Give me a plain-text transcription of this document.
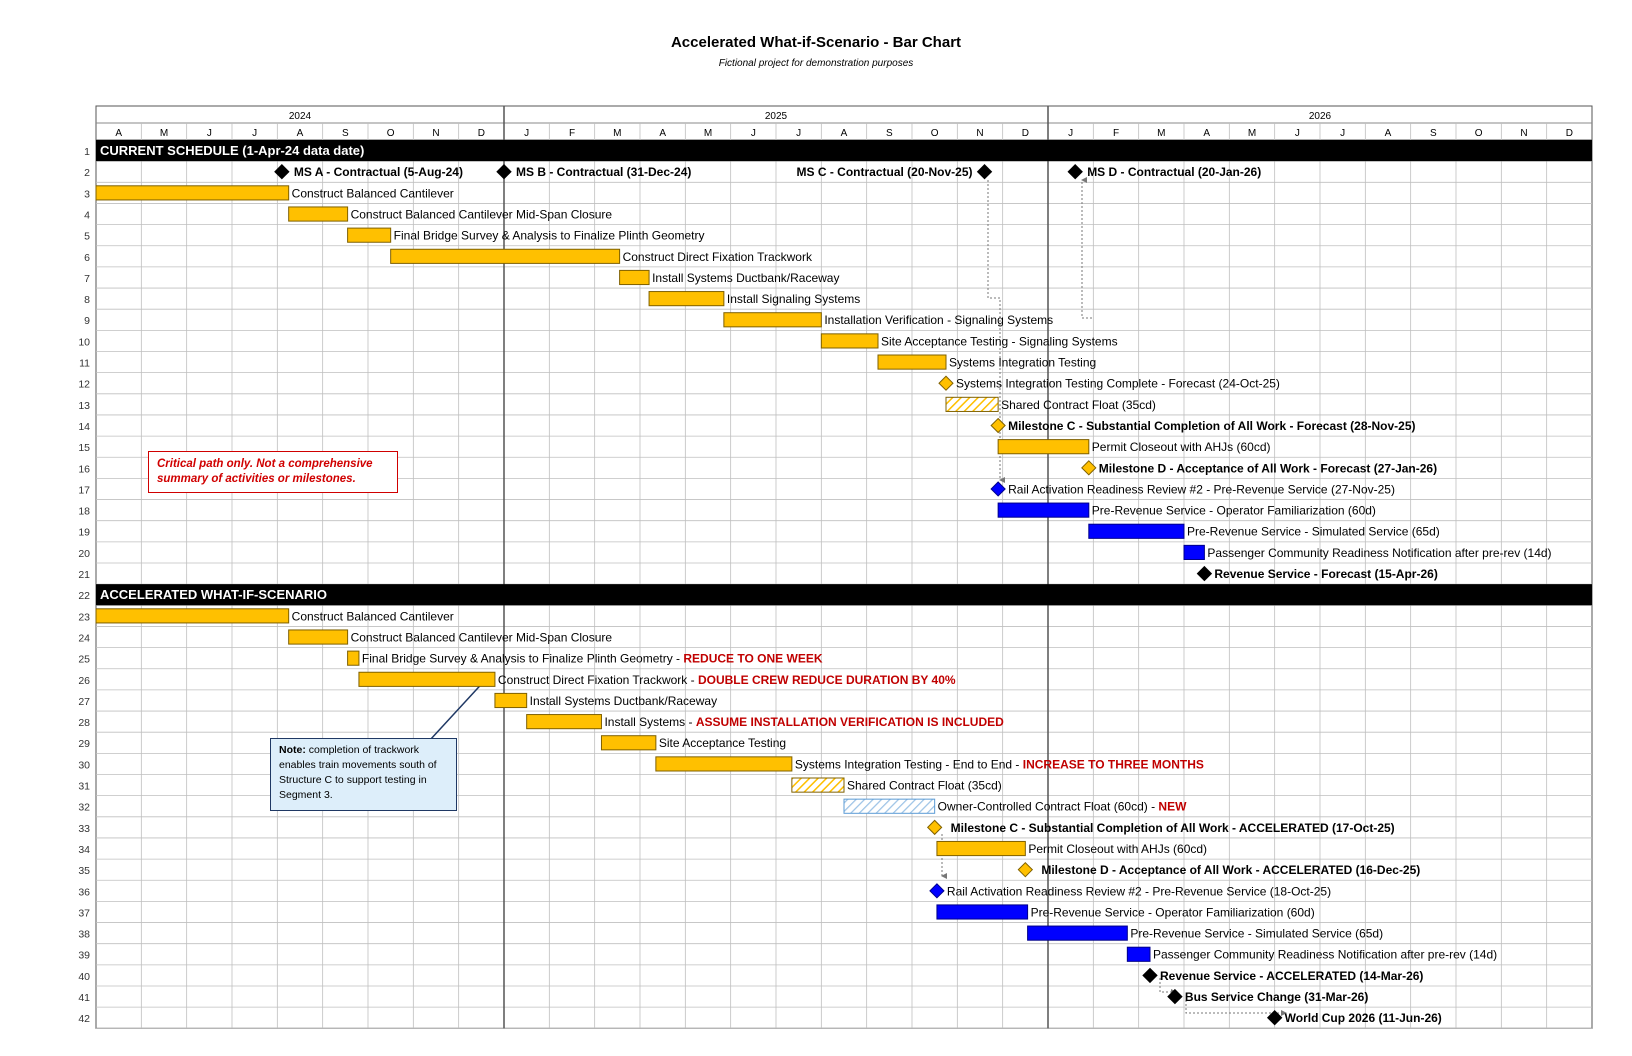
Accelerated What-if-Scenario - Bar Chart
Fictional project for demonstration purposes
A	M	J	J	A	S	O	N	D	J	F	M	A	M	J	J	A	S	O	N	D	J	F	M	A	M	J	J	A	S	O	N	D
2024	2025	2026
1
2
3
4
5
6
7
8
9
10
11
12
13
14
15
16
17
18
19
20
21
22
23
24
25
26
27
28
29
30
31
32
33
34
35
36
37
38
39
40
41
42
CURRENT SCHEDULE (1-Apr-24 data date)
MS A - Contractual (5-Aug-24)	MS B - Contractual (31-Dec-24)	MS C - Contractual (20-Nov-25)	MS D - Contractual (20-Jan-26)
Construct Balanced Cantilever
Construct Balanced Cantilever Mid-Span Closure
Final Bridge Survey & Analysis to Finalize Plinth Geometry
Construct Direct Fixation Trackwork
Install Systems Ductbank/Raceway
Install Signaling Systems
Installation Verification - Signaling Systems
Site Acceptance Testing - Signaling Systems
Systems Integration Testing
Systems Integration Testing Complete - Forecast (24-Oct-25)
Shared Contract Float (35cd)
Milestone C - Substantial Completion of All Work - Forecast (28-Nov-25)
Permit Closeout with AHJs (60cd)
Milestone D - Acceptance of All Work - Forecast (27-Jan-26)
Rail Activation Readiness Review #2 - Pre-Revenue Service (27-Nov-25)
Pre-Revenue Service - Operator Familiarization (60d)
Pre-Revenue Service - Simulated Service (65d)
Passenger Community Readiness Notification after pre-rev (14d)
Revenue Service - Forecast (15-Apr-26)
ACCELERATED WHAT-IF-SCENARIO
Construct Balanced Cantilever
Construct Balanced Cantilever Mid-Span Closure
Final Bridge Survey & Analysis to Finalize Plinth Geometry - REDUCE TO ONE WEEK
Construct Direct Fixation Trackwork - DOUBLE CREW REDUCE DURATION BY 40%
Install Systems Ductbank/Raceway
Install Systems - ASSUME INSTALLATION VERIFICATION IS INCLUDED
Site Acceptance Testing
Systems Integration Testing - End to End - INCREASE TO THREE MONTHS
Shared Contract Float (35cd)
Owner-Controlled Contract Float (60cd) - NEW
Milestone C - Substantial Completion of All Work - ACCELERATED (17-Oct-25)
Permit Closeout with AHJs (60cd)
Milestone D - Acceptance of All Work - ACCELERATED (16-Dec-25)
Rail Activation Readiness Review #2 - Pre-Revenue Service (18-Oct-25)
Pre-Revenue Service - Operator Familiarization (60d)
Pre-Revenue Service - Simulated Service (65d)
Passenger Community Readiness Notification after pre-rev (14d)
Revenue Service - ACCELERATED (14-Mar-26)
Bus Service Change (31-Mar-26)
World Cup 2026 (11-Jun-26)
Critical path only. Not a comprehensive summary of activities or milestones.
Note: completion of trackwork enables train movements south of Structure C to support testing in Segment 3.
